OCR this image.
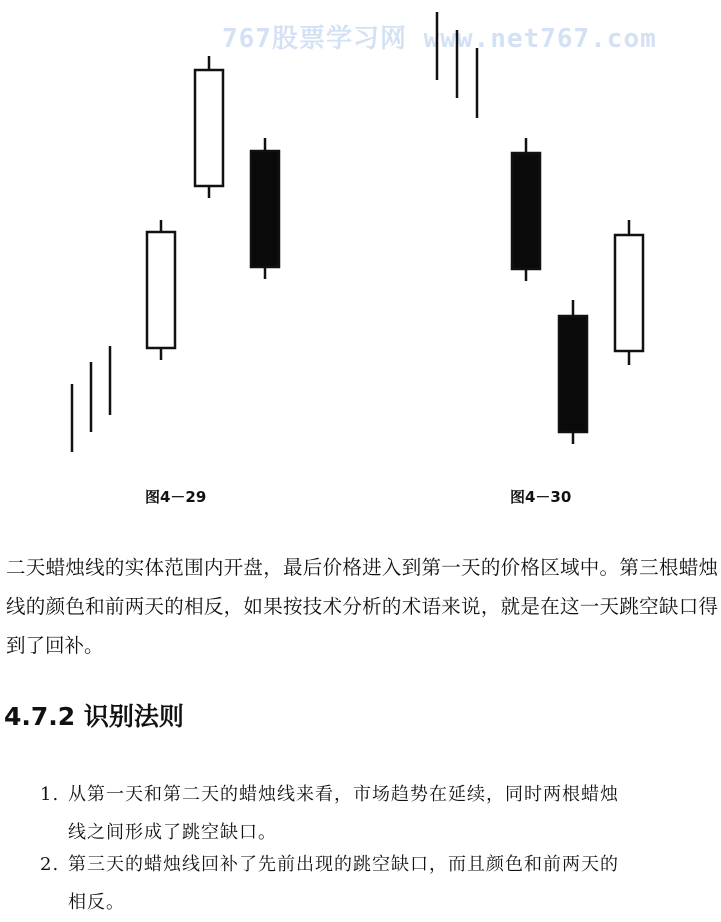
767股票学习网 www.net767.com
图4－29	图4－30

二天蜡烛线的实体范围内开盘，最后价格进入到第一天的价格区域中。第三根蜡烛线的颜色和前两天的相反，如果按技术分析的术语来说，就是在这一天跳空缺口得到了回补。

4.7.2 识别法则
1. 从第一天和第二天的蜡烛线来看，市场趋势在延续，同时两根蜡烛
线之间形成了跳空缺口。
2. 第三天的蜡烛线回补了先前出现的跳空缺口，而且颜色和前两天的
相反。
